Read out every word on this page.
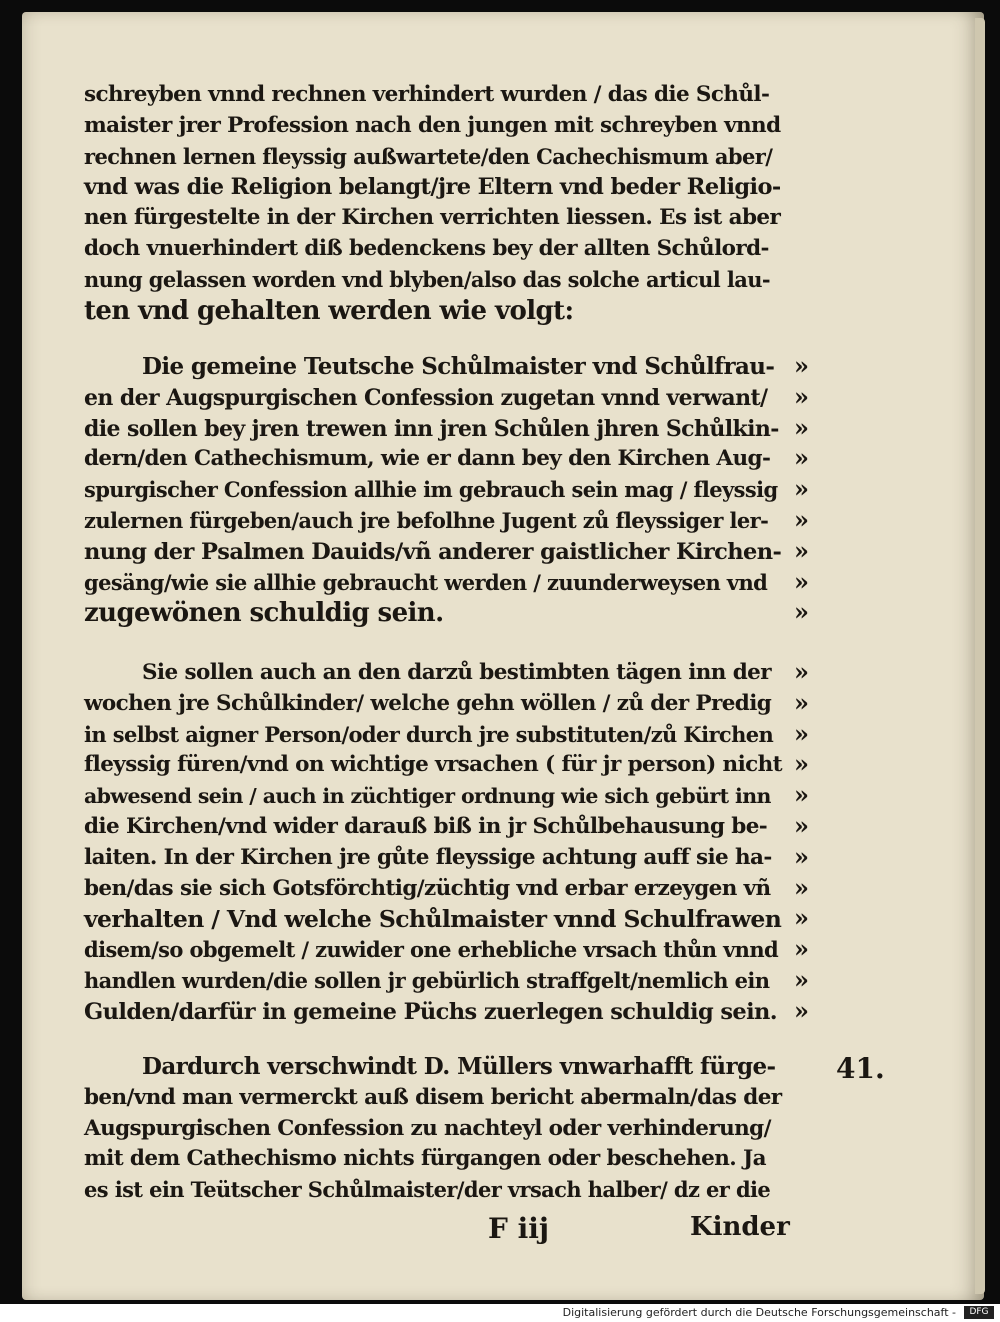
schreyben vnnd rechnen verhindert wurden / das die Schůl-
maister jrer Profession nach den jungen mit schreyben vnnd
rechnen lernen fleyssig außwartete/den Cachechismum aber/
vnd was die Religion belangt/jre Eltern vnd beder Religio-
nen fürgestelte in der Kirchen verrichten liessen. Es ist aber
doch vnuerhindert diß bedenckens bey der allten Schůlord-
nung gelassen worden vnd blyben/also das solche articul lau-
ten vnd gehalten werden wie volgt:
Die gemeine Teutsche Schůlmaister vnd Schůlfrau- »
en der Augspurgischen Confession zugetan vnnd verwant/	»
die sollen bey jren trewen inn jren Schůlen jhren Schůlkin- »
dern/den Cathechismum, wie er dann bey den Kirchen Aug- »
spurgischer Confession allhie im gebrauch sein mag / fleyssig »
zulernen fürgeben/auch jre befolhne Jugent zů fleyssiger ler-	»
nung der Psalmen Dauids/vñ anderer gaistlicher Kirchen- »
gesäng/wie sie allhie gebraucht werden / zuunderweysen vnd	»
zugewönen schuldig sein.	»
Sie sollen auch an den darzů bestimbten tägen inn der »
wochen jre Schůlkinder/ welche gehn wöllen / zů der Predig »
in selbst aigner Person/oder durch jre substituten/zů Kirchen »
fleyssig füren/vnd on wichtige vrsachen ( für jr person) nicht »
abwesend sein / auch in züchtiger ordnung wie sich gebürt inn »
die Kirchen/vnd wider darauß biß in jr Schůlbehausung be-	»
laiten. In der Kirchen jre gůte fleyssige achtung auff sie ha- »
ben/das sie sich Gotsförchtig/züchtig vnd erbar erzeygen vñ »
verhalten / Vnd welche Schůlmaister vnnd Schulfrawen »
disem/so obgemelt / zuwider one erhebliche vrsach thůn vnnd »
handlen wurden/die sollen jr gebürlich straffgelt/nemlich ein	»
Gulden/darfür in gemeine Püchs zuerlegen schuldig sein. »
Dardurch verschwindt D. Müllers vnwarhafft fürge-
ben/vnd man vermerckt auß disem bericht abermaln/das der
Augspurgischen Confession zu nachteyl oder verhinderung/
mit dem Cathechismo nichts fürgangen oder beschehen. Ja
es ist ein Teütscher Schůlmaister/der vrsach halber/ dz er die
41.
F iij	Kinder
Digitalisierung gefördert durch die Deutsche Forschungsgemeinschaft -	DFG
